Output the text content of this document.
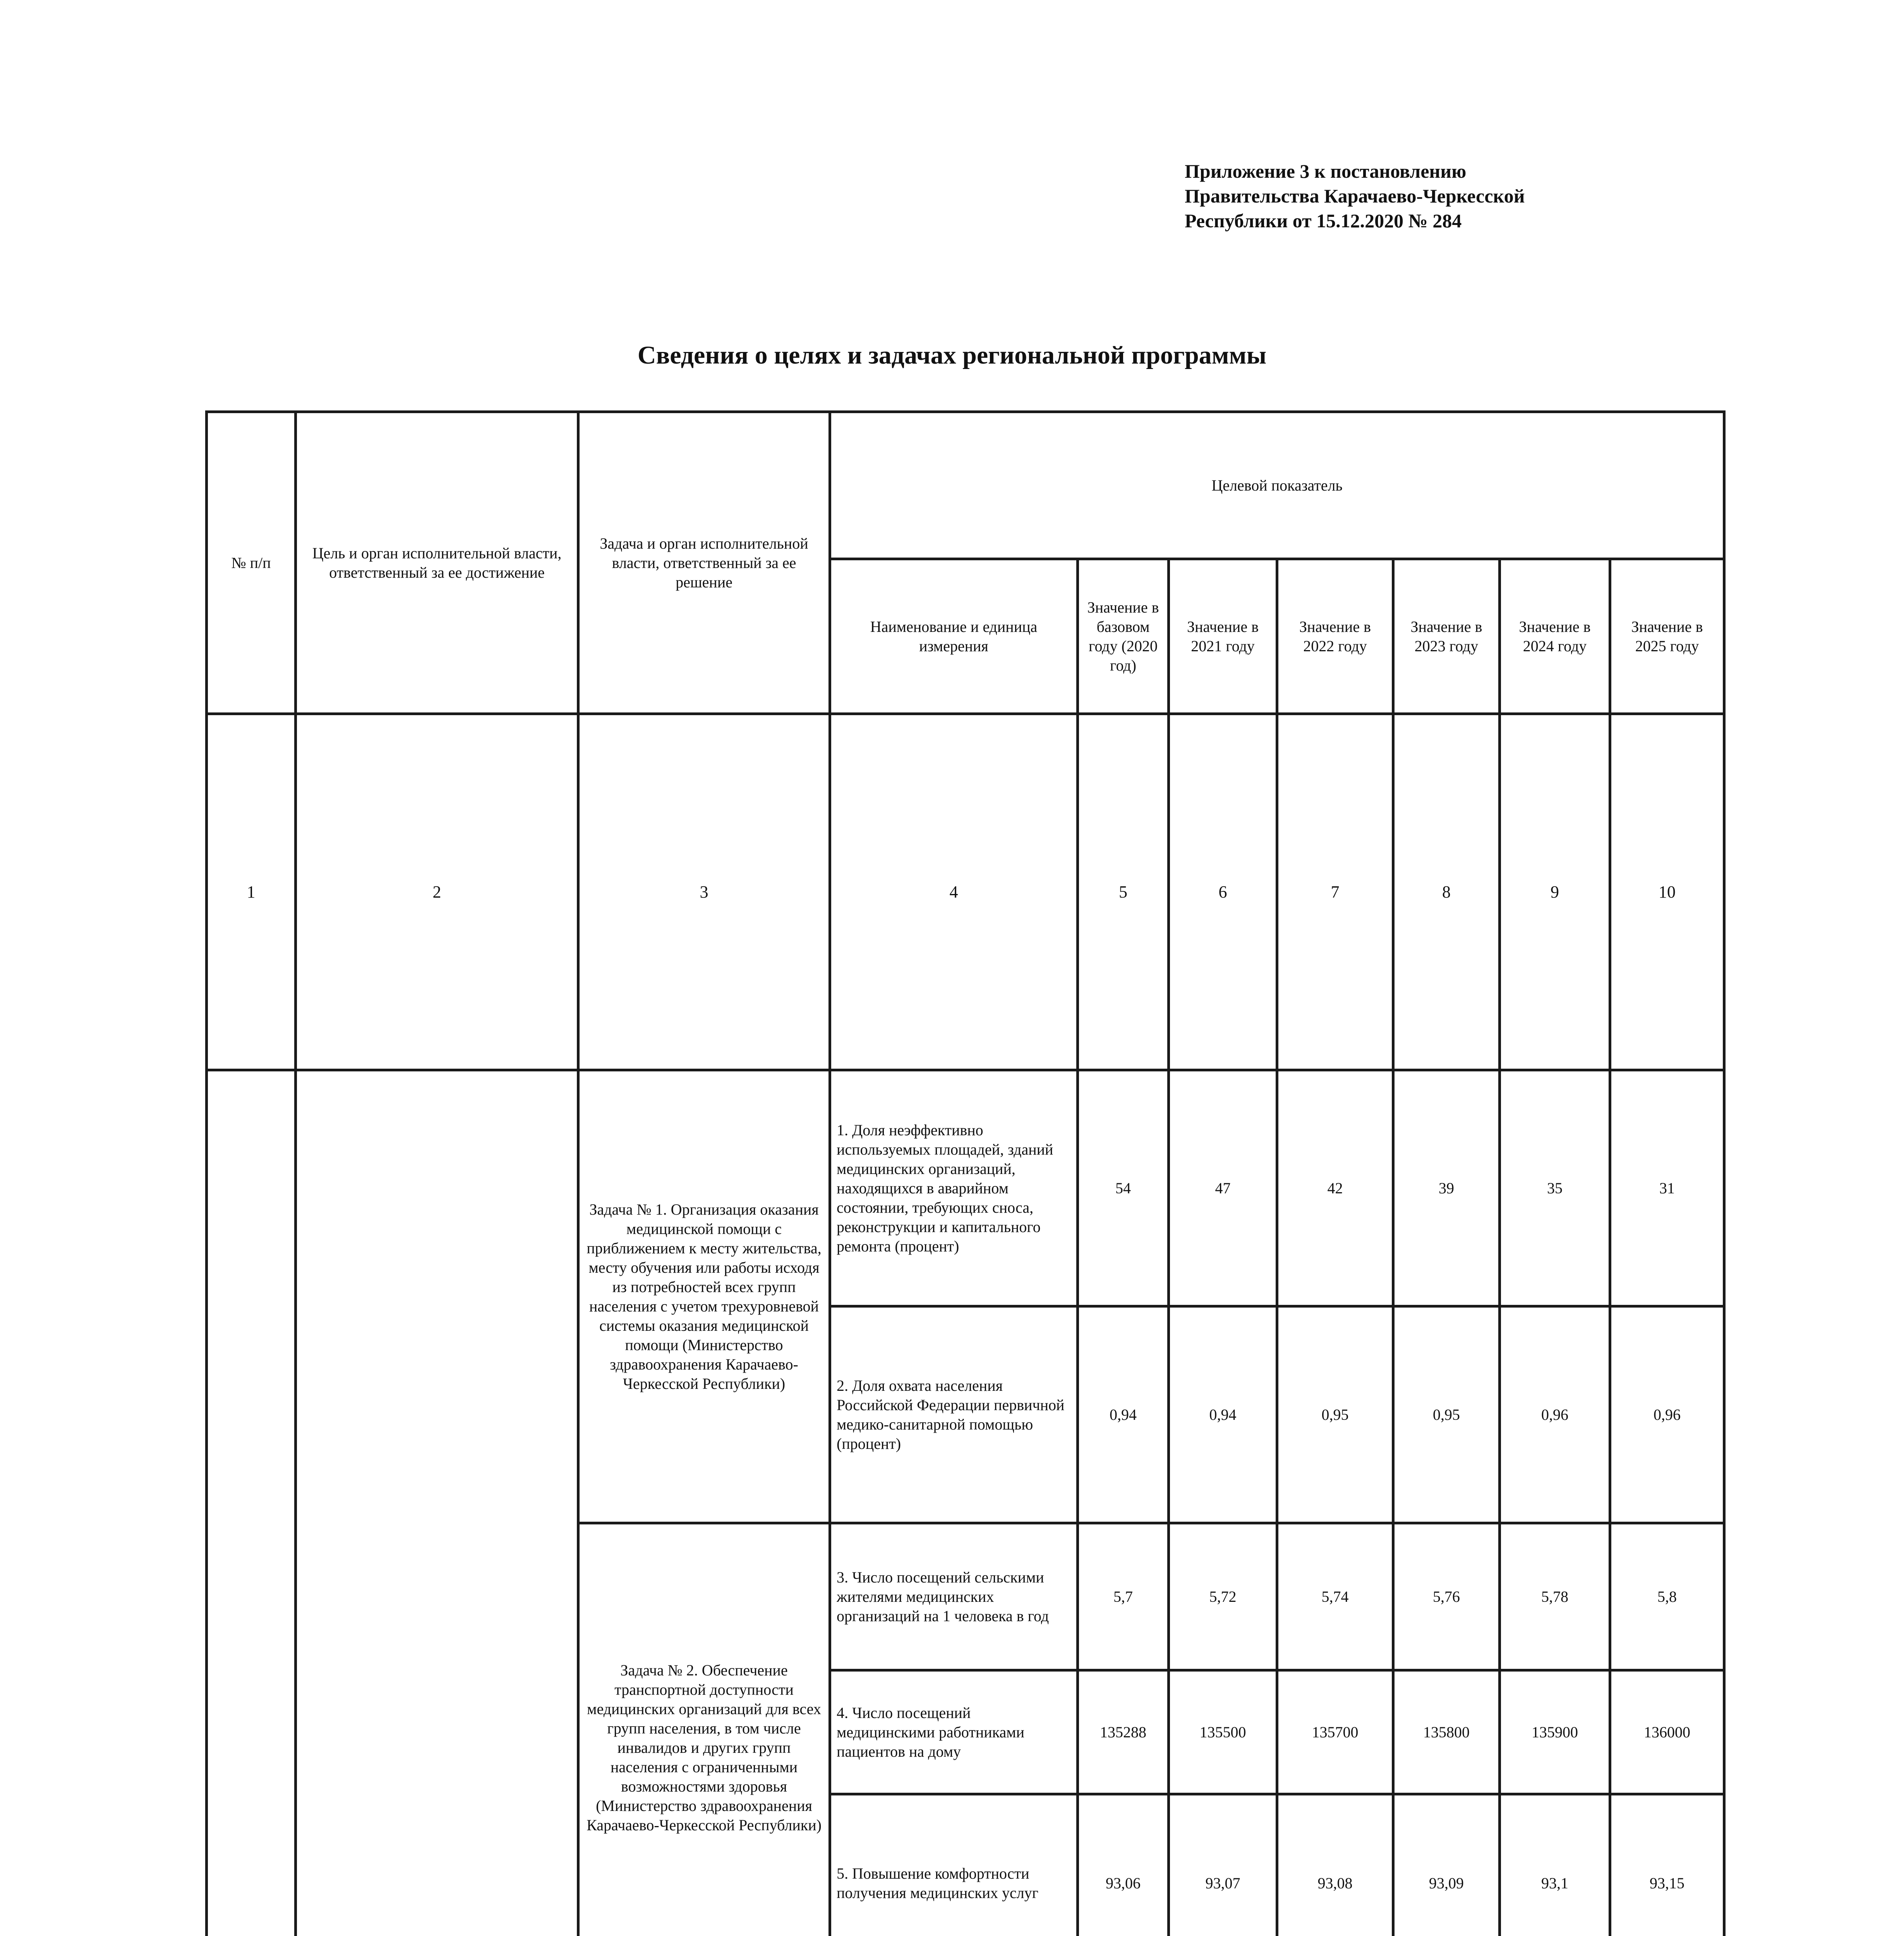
Приложение 3 к постановлению
Правительства Карачаево-Черкесской
Республики от 15.12.2020 № 284
Сведения о целях и задачах региональной программы
№ п/п	Цель и орган исполнительной власти, ответственный за ее достижение	Задача и орган исполнительной власти, ответственный за ее решение	Целевой показатель						
			Наименование и единица измерения	Значение в базовом году (2020 год)	Значение в 2021 году	Значение в 2022 году	Значение в 2023 году	Значение в 2024 году	Значение в 2025 году
1	2	3	4	5	6	7	8	9	10
		Задача № 1. Организация оказания медицинской помощи с приближением к месту жительства, месту обучения или работы исходя из потребностей всех групп населения с учетом трехуровневой системы оказания медицинской помощи (Министерство здравоохранения Карачаево-Черкесской Республики)	1. Доля неэффективно используемых площадей, зданий медицинских организаций, находящихся в аварийном состоянии, требующих сноса, реконструкции и капитального ремонта (процент)	54	47	42	39	35	31
			2. Доля охвата населения Российской Федерации первичной медико-санитарной помощью (процент)	0,94	0,94	0,95	0,95	0,96	0,96
		Задача № 2. Обеспечение транспортной доступности медицинских организаций для всех групп населения, в том числе инвалидов и других групп населения с ограниченными возможностями здоровья (Министерство здравоохранения Карачаево-Черкесской Республики)	3. Число посещений сельскими жителями медицинских организаций на 1 человека в год	5,7	5,72	5,74	5,76	5,78	5,8
			4. Число посещений медицинскими работниками пациентов на дому	135288	135500	135700	135800	135900	136000
			5. Повышение комфортности получения медицинских услуг	93,06	93,07	93,08	93,09	93,1	93,15
